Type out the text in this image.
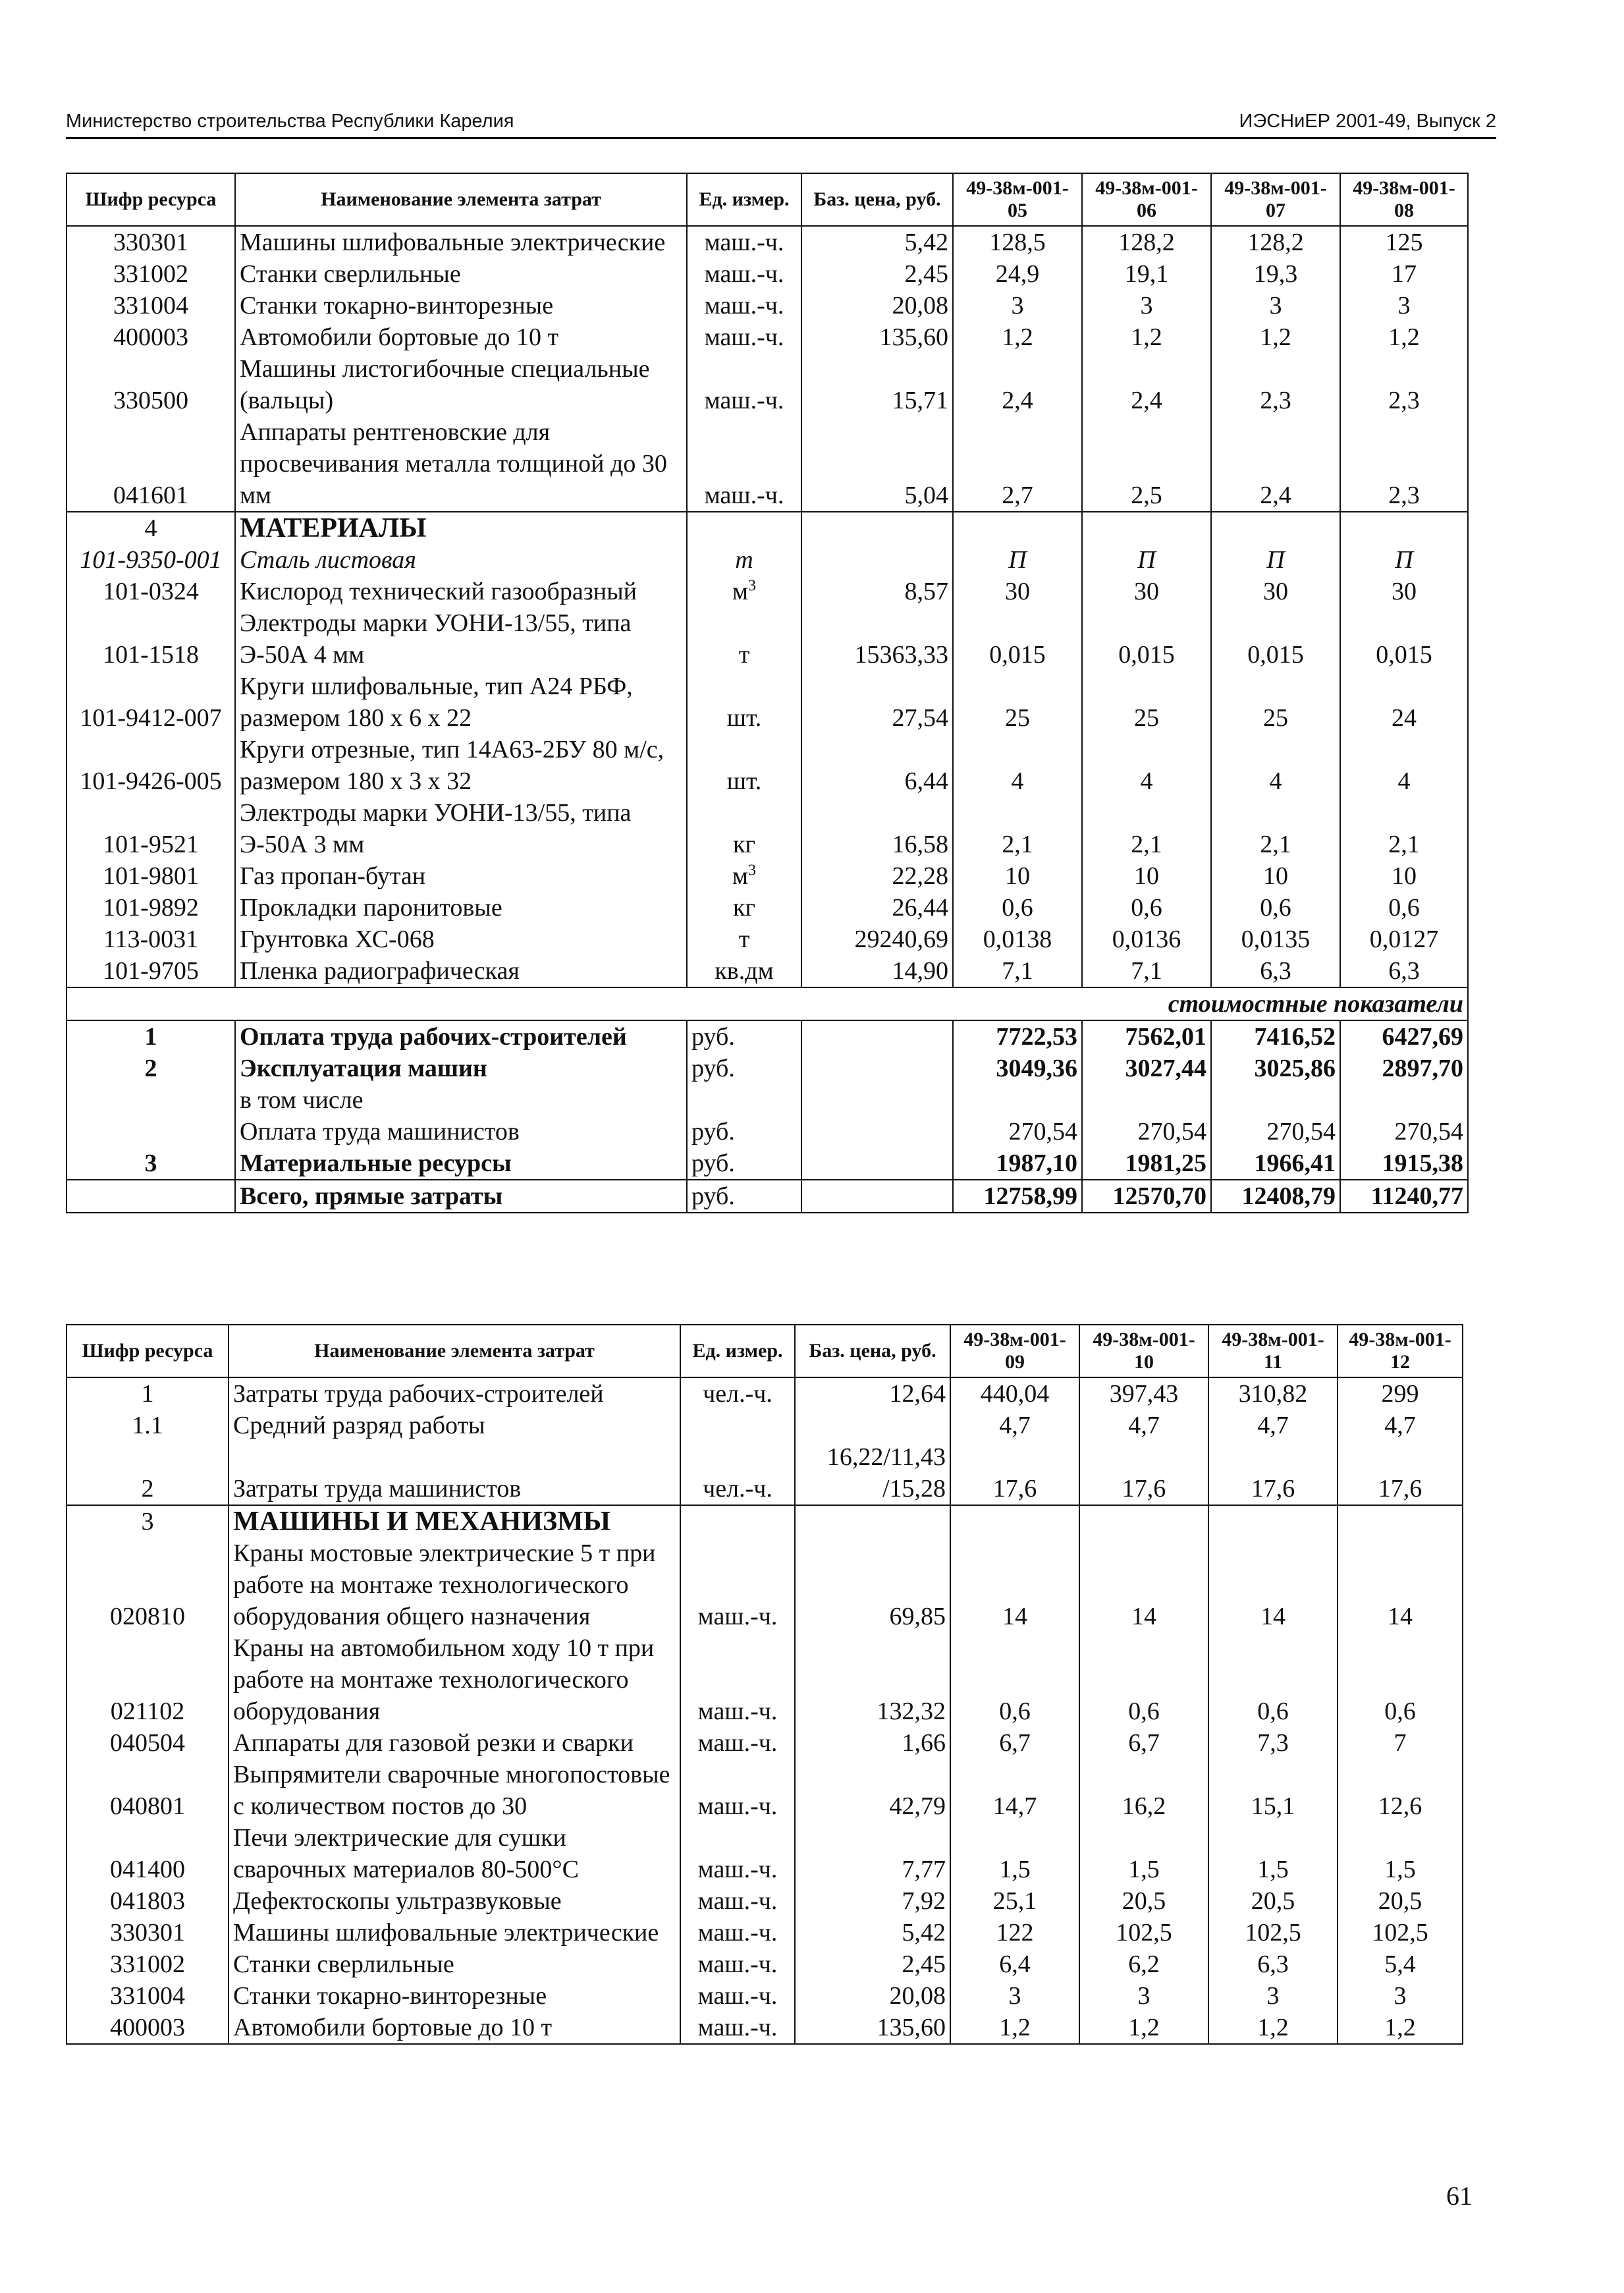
Министерство строительства Республики Карелия	ИЭСНиЕР 2001-49, Выпуск 2
Шифр ресурса	Наименование элемента затрат	Ед. измер.	Баз. цена, руб.	49-38м-001-05	49-38м-001-06	49-38м-001-07	49-38м-001-08
330301	Машины шлифовальные электрические	маш.-ч.	5,42	128,5	128,2	128,2	125
331002	Станки сверлильные	маш.-ч.	2,45	24,9	19,1	19,3	17
331004	Станки токарно-винторезные	маш.-ч.	20,08	3	3	3	3
400003	Автомобили бортовые до 10 т	маш.-ч.	135,60	1,2	1,2	1,2	1,2
330500	Машины листогибочные специальные (вальцы)	маш.-ч.	15,71	2,4	2,4	2,3	2,3
041601	Аппараты рентгеновские для просвечивания металла толщиной до 30 мм	маш.-ч.	5,04	2,7	2,5	2,4	2,3
4	МАТЕРИАЛЫ						
101-9350-001	Сталь листовая	т		П	П	П	П
101-0324	Кислород технический газообразный	$м^3$	8,57	30	30	30	30
101-1518	Электроды марки УОНИ-13/55, типа Э-50А 4 мм	т	15363,33	0,015	0,015	0,015	0,015
101-9412-007	Круги шлифовальные, тип А24 РБФ, размером 180 х 6 х 22	шт.	27,54	25	25	25	24
101-9426-005	Круги отрезные, тип 14А63-2БУ 80 м/с, размером 180 х 3 х 32	шт.	6,44	4	4	4	4
101-9521	Электроды марки УОНИ-13/55, типа Э-50А 3 мм	кг	16,58	2,1	2,1	2,1	2,1
101-9801	Газ пропан-бутан	$м^3$	22,28	10	10	10	10
101-9892	Прокладки паронитовые	кг	26,44	0,6	0,6	0,6	0,6
113-0031	Грунтовка ХС-068	т	29240,69	0,0138	0,0136	0,0135	0,0127
101-9705	Пленка радиографическая	кв.дм	14,90	7,1	7,1	6,3	6,3
стоимостные показатели							
1	Оплата труда рабочих-строителей	руб.		7722,53	7562,01	7416,52	6427,69
2	Эксплуатация машин	руб.		3049,36	3027,44	3025,86	2897,70
	в том числе						
	Оплата труда машинистов	руб.		270,54	270,54	270,54	270,54
3	Материальные ресурсы	руб.		1987,10	1981,25	1966,41	1915,38
	Всего, прямые затраты	руб.		12758,99	12570,70	12408,79	11240,77
Шифр ресурса	Наименование элемента затрат	Ед. измер.	Баз. цена, руб.	49-38м-001-09	49-38м-001-10	49-38м-001-11	49-38м-001-12
1	Затраты труда рабочих-строителей	чел.-ч.	12,64	440,04	397,43	310,82	299
1.1	Средний разряд работы			4,7	4,7	4,7	4,7
2	Затраты труда машинистов	чел.-ч.	16,22/11,43 /15,28	17,6	17,6	17,6	17,6
3	МАШИНЫ И МЕХАНИЗМЫ						
020810	Краны мостовые электрические 5 т при работе на монтаже технологического оборудования общего назначения	маш.-ч.	69,85	14	14	14	14
021102	Краны на автомобильном ходу 10 т при работе на монтаже технологического оборудования	маш.-ч.	132,32	0,6	0,6	0,6	0,6
040504	Аппараты для газовой резки и сварки	маш.-ч.	1,66	6,7	6,7	7,3	7
040801	Выпрямители сварочные многопостовые с количеством постов до 30	маш.-ч.	42,79	14,7	16,2	15,1	12,6
041400	Печи электрические для сушки сварочных материалов 80-500°С	маш.-ч.	7,77	1,5	1,5	1,5	1,5
041803	Дефектоскопы ультразвуковые	маш.-ч.	7,92	25,1	20,5	20,5	20,5
330301	Машины шлифовальные электрические	маш.-ч.	5,42	122	102,5	102,5	102,5
331002	Станки сверлильные	маш.-ч.	2,45	6,4	6,2	6,3	5,4
331004	Станки токарно-винторезные	маш.-ч.	20,08	3	3	3	3
400003	Автомобили бортовые до 10 т	маш.-ч.	135,60	1,2	1,2	1,2	1,2
61
